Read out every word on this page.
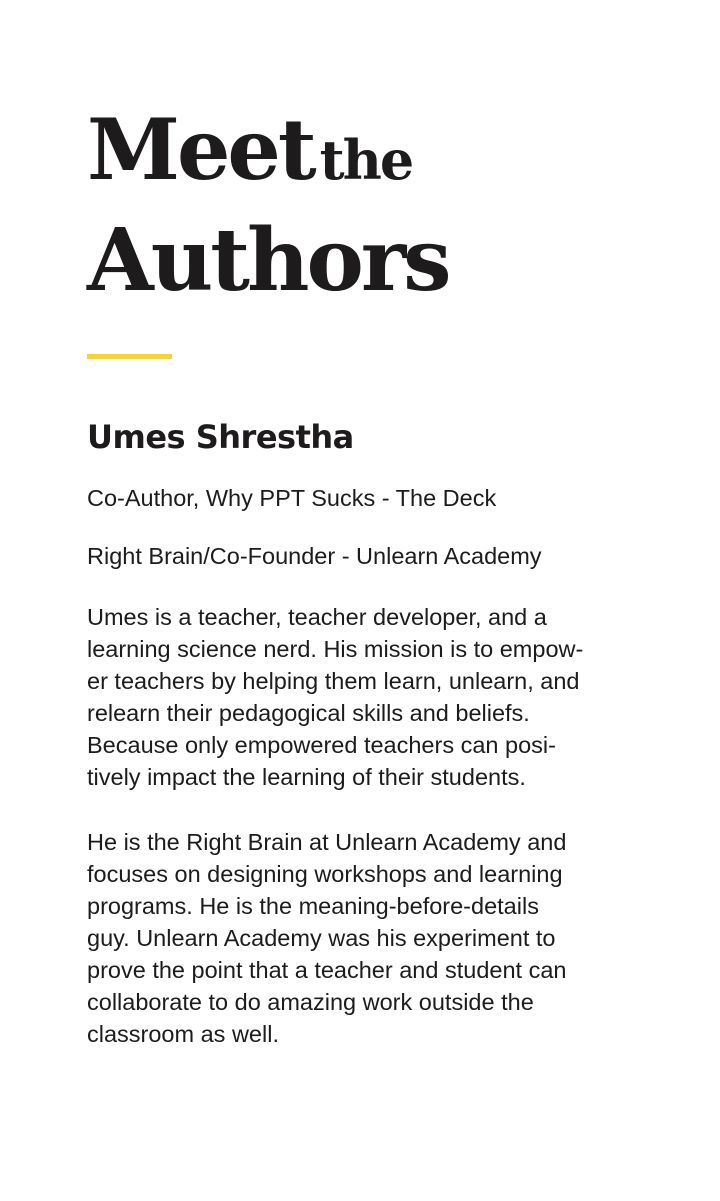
Meet the
Authors
Umes Shrestha

Co-Author, Why PPT Sucks - The Deck

Right Brain/Co-Founder - Unlearn Academy

Umes is a teacher, teacher developer, and a
learning science nerd. His mission is to empow-
er teachers by helping them learn, unlearn, and
relearn their pedagogical skills and beliefs.
Because only empowered teachers can posi-
tively impact the learning of their students.

He is the Right Brain at Unlearn Academy and
focuses on designing workshops and learning
programs. He is the meaning-before-details
guy. Unlearn Academy was his experiment to
prove the point that a teacher and student can
collaborate to do amazing work outside the
classroom as well.
